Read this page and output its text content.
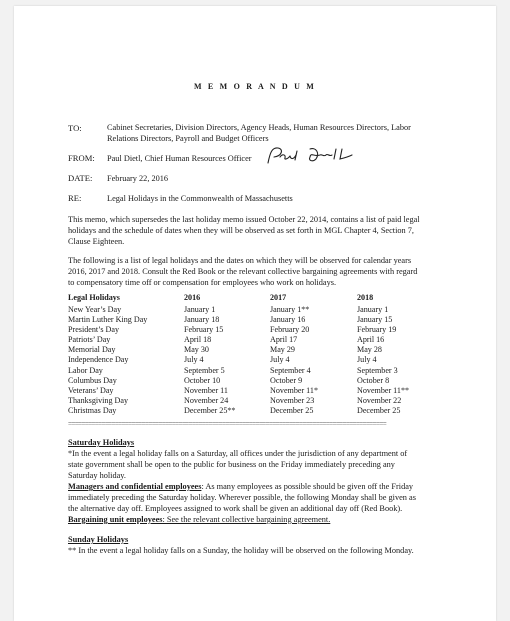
M E M O R A N D U M
TO:	Cabinet Secretaries, Division Directors, Agency Heads, Human Resources Directors, Labor
Relations Directors, Payroll and Budget Officers
FROM: Paul Dietl, Chief Human Resources Officer
DATE: February 22, 2016
RE:	Legal Holidays in the Commonwealth of Massachusetts
This memo, which supersedes the last holiday memo issued October 22, 2014, contains a list of paid legal
holidays and the schedule of dates when they will be observed as set forth in MGL Chapter 4, Section 7,
Clause Eighteen.
The following is a list of legal holidays and the dates on which they will be observed for calendar years
2016, 2017 and 2018. Consult the Red Book or the relevant collective bargaining agreements with regard
to compensatory time off or compensation for employees who work on holidays.
Legal Holidays	2016	2017	2018
New Year’s Day	January 1	January 1**	January 1
Martin Luther King Day	January 18	January 16	January 15
President’s Day	February 15	February 20	February 19
Patriots’ Day	April 18	April 17	April 16
Memorial Day	May 30	May 29	May 28
Independence Day	July 4	July 4	July 4
Labor Day	September 5	September 4	September 3
Columbus Day	October 10	October 9	October 8
Veterans’ Day	November 11	November 11*	November 11**
Thanksgiving Day	November 24	November 23	November 22
Christmas Day	December 25**	December 25	December 25
===============================================================================================
Saturday Holidays
*In the event a legal holiday falls on a Saturday, all offices under the jurisdiction of any department of
state government shall be open to the public for business on the Friday immediately preceding any
Saturday holiday.
Managers and confidential employees: As many employees as possible should be given off the Friday
immediately preceding the Saturday holiday. Wherever possible, the following Monday shall be given as
the alternative day off. Employees assigned to work shall be given an additional day off (Red Book).
Bargaining unit employees: See the relevant collective bargaining agreement.
Sunday Holidays
** In the event a legal holiday falls on a Sunday, the holiday will be observed on the following Monday.
